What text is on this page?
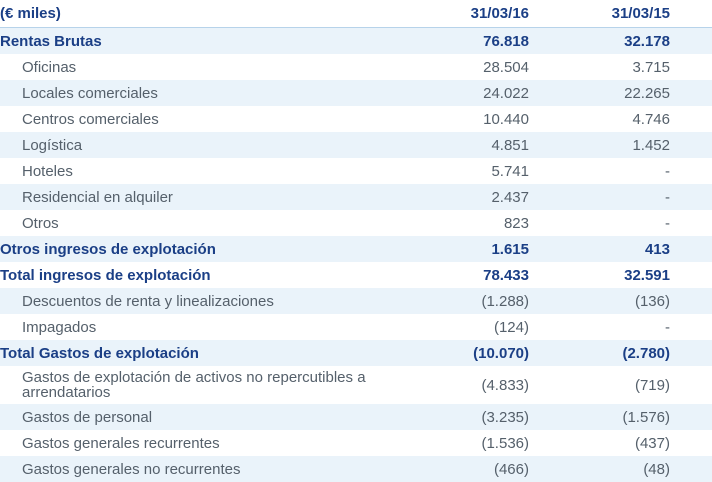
(€ miles)	31/03/16		31/03/15
Rentas Brutas	76.818		32.178
Oficinas	28.504		3.715
Locales comerciales	24.022		22.265
Centros comerciales	10.440		4.746
Logística	4.851		1.452
Hoteles	5.741		-
Residencial en alquiler	2.437		-
Otros	823		-
Otros ingresos de explotación	1.615		413
Total ingresos de explotación	78.433		32.591
Descuentos de renta y linealizaciones	(1.288)		(136)
Impagados	(124)		-
Total Gastos de explotación	(10.070)		(2.780)
Gastos de explotación de activos no repercutibles a arrendatarios	(4.833)		(719)
Gastos de personal	(3.235)		(1.576)
Gastos generales recurrentes	(1.536)		(437)
Gastos generales no recurrentes	(466)		(48)
